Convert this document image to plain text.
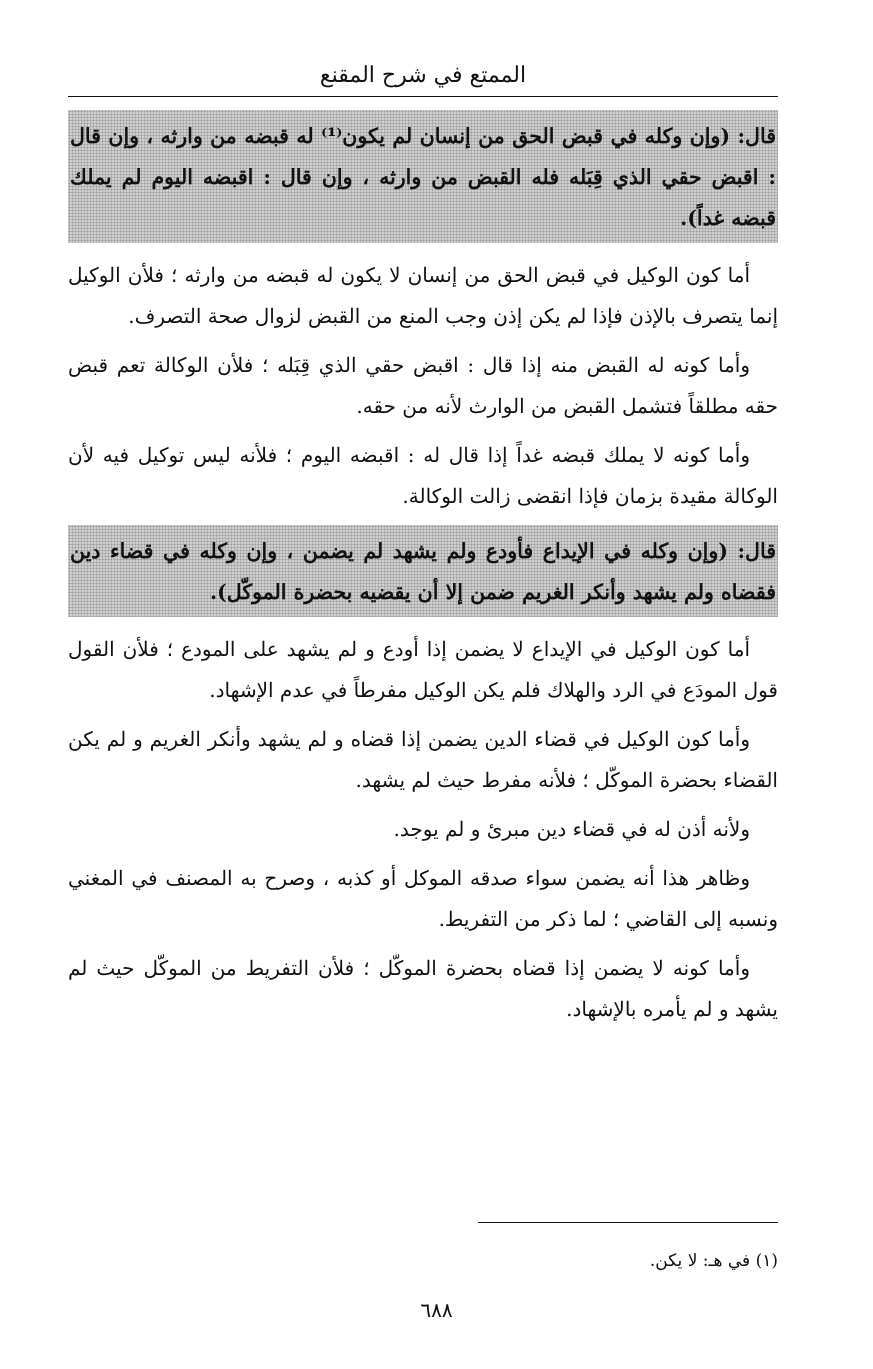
الممتع في شرح المقنع
قال: (وإن وكله في قبض الحق من إنسان لم يكون⁽¹⁾ له قبضه من وارثه ، وإن قال : اقبض حقي الذي قِبَله فله القبض من وارثه ، وإن قال : اقبضه اليوم لم يملك قبضه غداً).
أما كون الوكيل في قبض الحق من إنسان لا يكون له قبضه من وارثه ؛ فلأن الوكيل إنما يتصرف بالإذن فإذا لم يكن إذن وجب المنع من القبض لزوال صحة التصرف.
وأما كونه له القبض منه إذا قال : اقبض حقي الذي قِبَله ؛ فلأن الوكالة تعم قبض حقه مطلقاً فتشمل القبض من الوارث لأنه من حقه.
وأما كونه لا يملك قبضه غداً إذا قال له : اقبضه اليوم ؛ فلأنه ليس توكيل فيه لأن الوكالة مقيدة بزمان فإذا انقضى زالت الوكالة.
قال: (وإن وكله في الإيداع فأودع ولم يشهد لم يضمن ، وإن وكله في قضاء دين فقضاه ولم يشهد وأنكر الغريم ضمن إلا أن يقضيه بحضرة الموكّل).
أما كون الوكيل في الإيداع لا يضمن إذا أودع و لم يشهد على المودع ؛ فلأن القول قول المودَع في الرد والهلاك فلم يكن الوكيل مفرطاً في عدم الإشهاد.
وأما كون الوكيل في قضاء الدين يضمن إذا قضاه و لم يشهد وأنكر الغريم و لم يكن القضاء بحضرة الموكّل ؛ فلأنه مفرط حيث لم يشهد.
ولأنه أذن له في قضاء دين مبرئ و لم يوجد.
وظاهر هذا أنه يضمن سواء صدقه الموكل أو كذبه ، وصرح به المصنف في المغني ونسبه إلى القاضي ؛ لما ذكر من التفريط.
وأما كونه لا يضمن إذا قضاه بحضرة الموكّل ؛ فلأن التفريط من الموكّل حيث لم يشهد و لم يأمره بالإشهاد.
(١) في هـ: لا يكن.
٦٨٨
